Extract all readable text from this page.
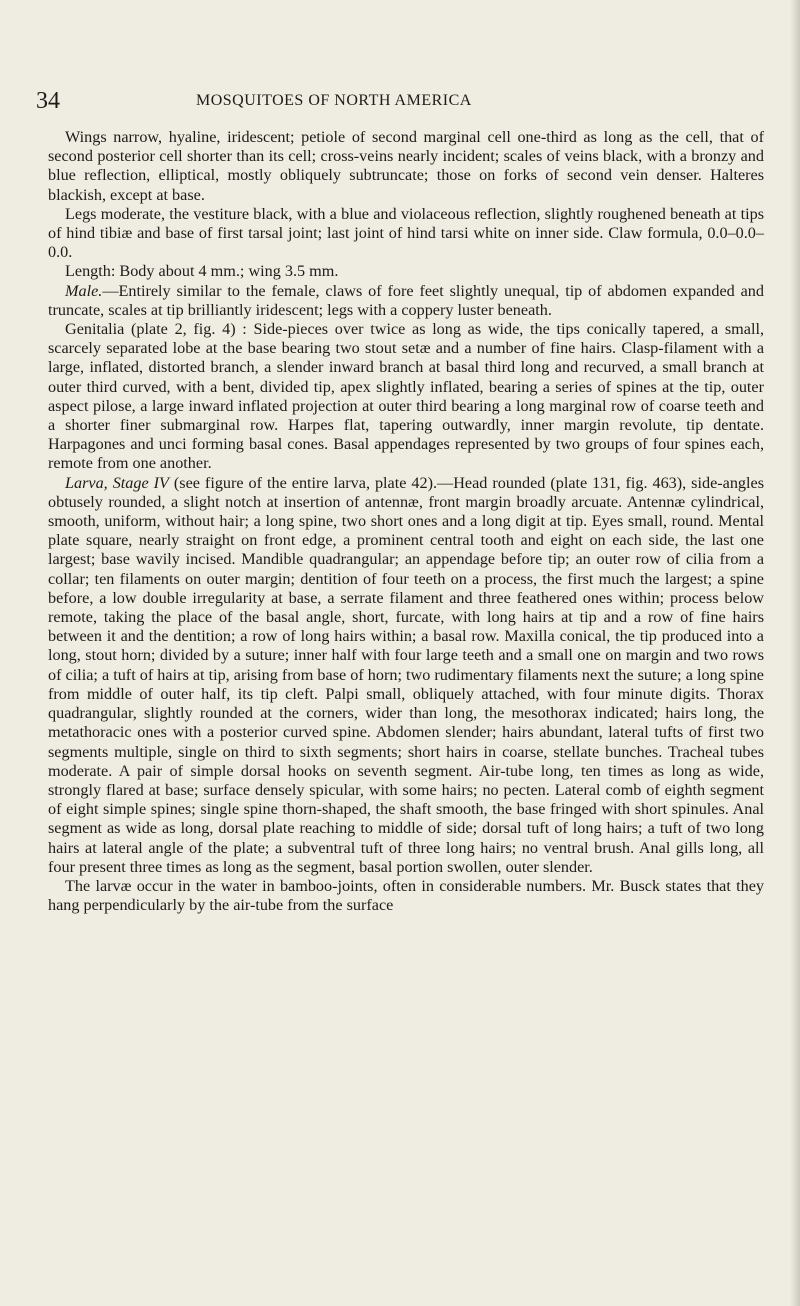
34	MOSQUITOES OF NORTH AMERICA

Wings narrow, hyaline, iridescent; petiole of second marginal cell one-third as long as the cell, that of second posterior cell shorter than its cell; cross-veins nearly incident; scales of veins black, with a bronzy and blue reflection, elliptical, mostly obliquely subtruncate; those on forks of second vein denser. Halteres blackish, except at base.

Legs moderate, the vestiture black, with a blue and violaceous reflection, slightly roughened beneath at tips of hind tibiæ and base of first tarsal joint; last joint of hind tarsi white on inner side. Claw formula, 0.0–0.0–0.0.

Length: Body about 4 mm.; wing 3.5 mm.

Male.—Entirely similar to the female, claws of fore feet slightly unequal, tip of abdomen expanded and truncate, scales at tip brilliantly iridescent; legs with a coppery luster beneath.

Genitalia (plate 2, fig. 4) : Side-pieces over twice as long as wide, the tips conically tapered, a small, scarcely separated lobe at the base bearing two stout setæ and a number of fine hairs. Clasp-filament with a large, inflated, distorted branch, a slender inward branch at basal third long and recurved, a small branch at outer third curved, with a bent, divided tip, apex slightly inflated, bearing a series of spines at the tip, outer aspect pilose, a large inward inflated projection at outer third bearing a long marginal row of coarse teeth and a shorter finer submarginal row. Harpes flat, tapering outwardly, inner margin revolute, tip dentate. Harpagones and unci forming basal cones. Basal appendages represented by two groups of four spines each, remote from one another.

Larva, Stage IV (see figure of the entire larva, plate 42).—Head rounded (plate 131, fig. 463), side-angles obtusely rounded, a slight notch at insertion of antennæ, front margin broadly arcuate. Antennæ cylindrical, smooth, uniform, without hair; a long spine, two short ones and a long digit at tip. Eyes small, round. Mental plate square, nearly straight on front edge, a prominent central tooth and eight on each side, the last one largest; base wavily incised. Mandible quadrangular; an appendage before tip; an outer row of cilia from a collar; ten filaments on outer margin; dentition of four teeth on a process, the first much the largest; a spine before, a low double irregularity at base, a serrate filament and three feathered ones within; process below remote, taking the place of the basal angle, short, furcate, with long hairs at tip and a row of fine hairs between it and the dentition; a row of long hairs within; a basal row. Maxilla conical, the tip produced into a long, stout horn; divided by a suture; inner half with four large teeth and a small one on margin and two rows of cilia; a tuft of hairs at tip, arising from base of horn; two rudimentary filaments next the suture; a long spine from middle of outer half, its tip cleft. Palpi small, obliquely attached, with four minute digits. Thorax quadrangular, slightly rounded at the corners, wider than long, the mesothorax indicated; hairs long, the metathoracic ones with a posterior curved spine. Abdomen slender; hairs abundant, lateral tufts of first two segments multiple, single on third to sixth segments; short hairs in coarse, stellate bunches. Tracheal tubes moderate. A pair of simple dorsal hooks on seventh segment. Air-tube long, ten times as long as wide, strongly flared at base; surface densely spicular, with some hairs; no pecten. Lateral comb of eighth segment of eight simple spines; single spine thorn-shaped, the shaft smooth, the base fringed with short spinules. Anal segment as wide as long, dorsal plate reaching to middle of side; dorsal tuft of long hairs; a tuft of two long hairs at lateral angle of the plate; a subventral tuft of three long hairs; no ventral brush. Anal gills long, all four present three times as long as the segment, basal portion swollen, outer slender.

The larvæ occur in the water in bamboo-joints, often in considerable numbers. Mr. Busck states that they hang perpendicularly by the air-tube from the surface
